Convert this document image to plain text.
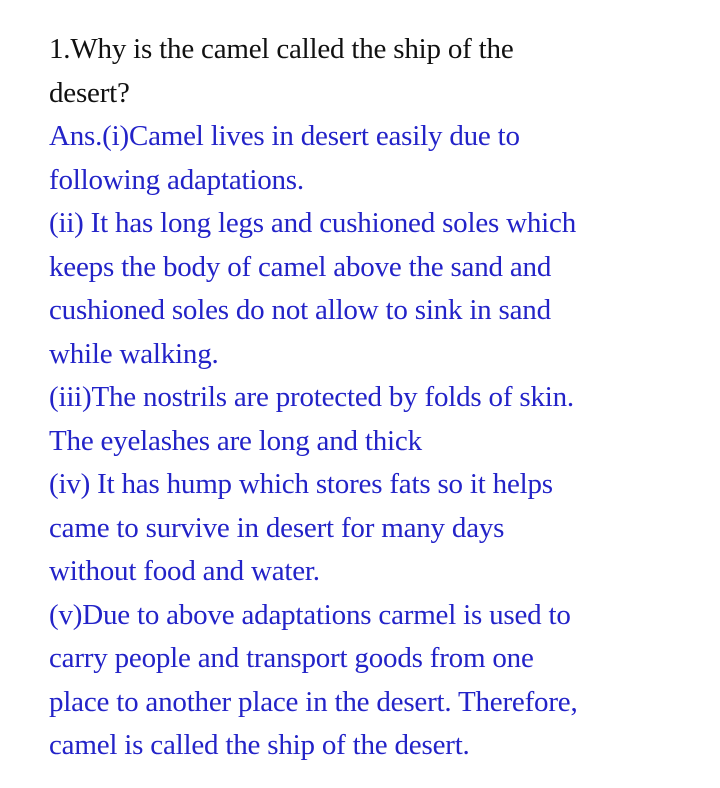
1.Why is the camel called the ship of the
desert?
Ans.(i)Camel lives in desert easily due to
following adaptations.
(ii) It has long legs and cushioned soles which
keeps the body of camel above the sand and
cushioned soles do not allow to sink in sand
while walking.
(iii)The nostrils are protected by folds of skin.
The eyelashes are long and thick
(iv) It has hump which stores fats so it helps
came to survive in desert for many days
without food and water.
(v)Due to above adaptations carmel is used to
carry people and transport goods from one
place to another place in the desert. Therefore,
camel is called the ship of the desert.
